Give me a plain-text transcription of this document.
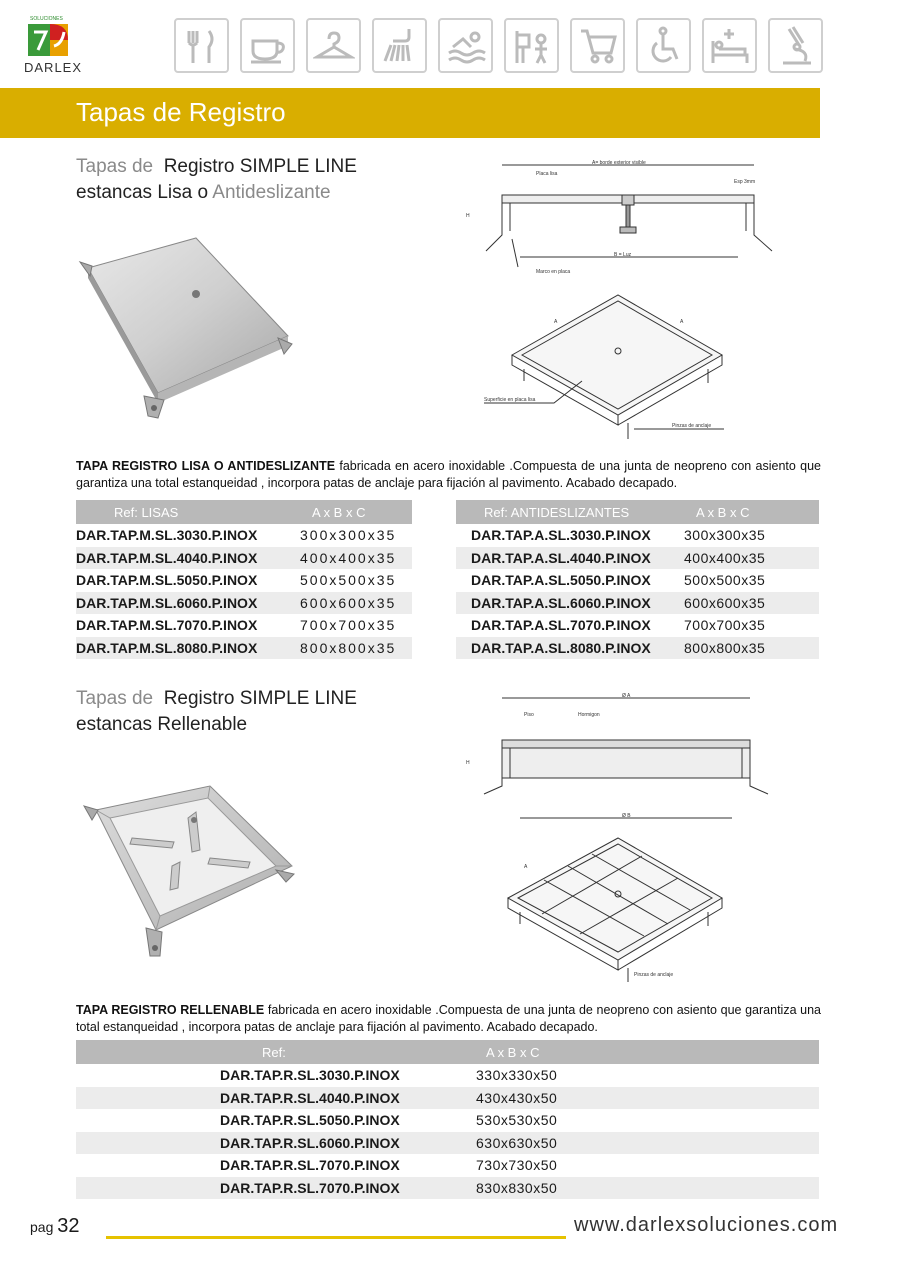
SOLUCIONES
DARLEX
Tapas de Registro
Tapas de Registro SIMPLE LINE
estancas Lisa o Antideslizante
A= borde exterior visible
Placa lisa
Esp 3mm
H
B = Luz
Marco en placa
A	A
Superficie en placa lisa
Pinzas de anclaje
TAPA REGISTRO LISA O ANTIDESLIZANTE fabricada en acero inoxidable .Compuesta de una junta de neopreno con asiento que garantiza una total estanqueidad , incorpora patas de anclaje para fijación al pavimento. Acabado decapado.
Ref: LISAS	A x B x C
DAR.TAP.M.SL.3030.P.INOX	300x300x35
DAR.TAP.M.SL.4040.P.INOX	400x400x35
DAR.TAP.M.SL.5050.P.INOX	500x500x35
DAR.TAP.M.SL.6060.P.INOX	600x600x35
DAR.TAP.M.SL.7070.P.INOX	700x700x35
DAR.TAP.M.SL.8080.P.INOX	800x800x35
Ref: ANTIDESLIZANTES	A x B x C
DAR.TAP.A.SL.3030.P.INOX	300x300x35
DAR.TAP.A.SL.4040.P.INOX	400x400x35
DAR.TAP.A.SL.5050.P.INOX	500x500x35
DAR.TAP.A.SL.6060.P.INOX	600x600x35
DAR.TAP.A.SL.7070.P.INOX	700x700x35
DAR.TAP.A.SL.8080.P.INOX	800x800x35
Tapas de Registro SIMPLE LINE
estancas Rellenable
Ø A
Piso	Hormigon
H
Ø B
A
Pinzas de anclaje
TAPA REGISTRO RELLENABLE fabricada en acero inoxidable .Compuesta de una junta de neopreno con asiento que garantiza una total estanqueidad , incorpora patas de anclaje para fijación al pavimento. Acabado decapado.
Ref:	A x B x C
DAR.TAP.R.SL.3030.P.INOX	330x330x50
DAR.TAP.R.SL.4040.P.INOX	430x430x50
DAR.TAP.R.SL.5050.P.INOX	530x530x50
DAR.TAP.R.SL.6060.P.INOX	630x630x50
DAR.TAP.R.SL.7070.P.INOX	730x730x50
DAR.TAP.R.SL.7070.P.INOX	830x830x50
pag 32	www.darlexsoluciones.com
